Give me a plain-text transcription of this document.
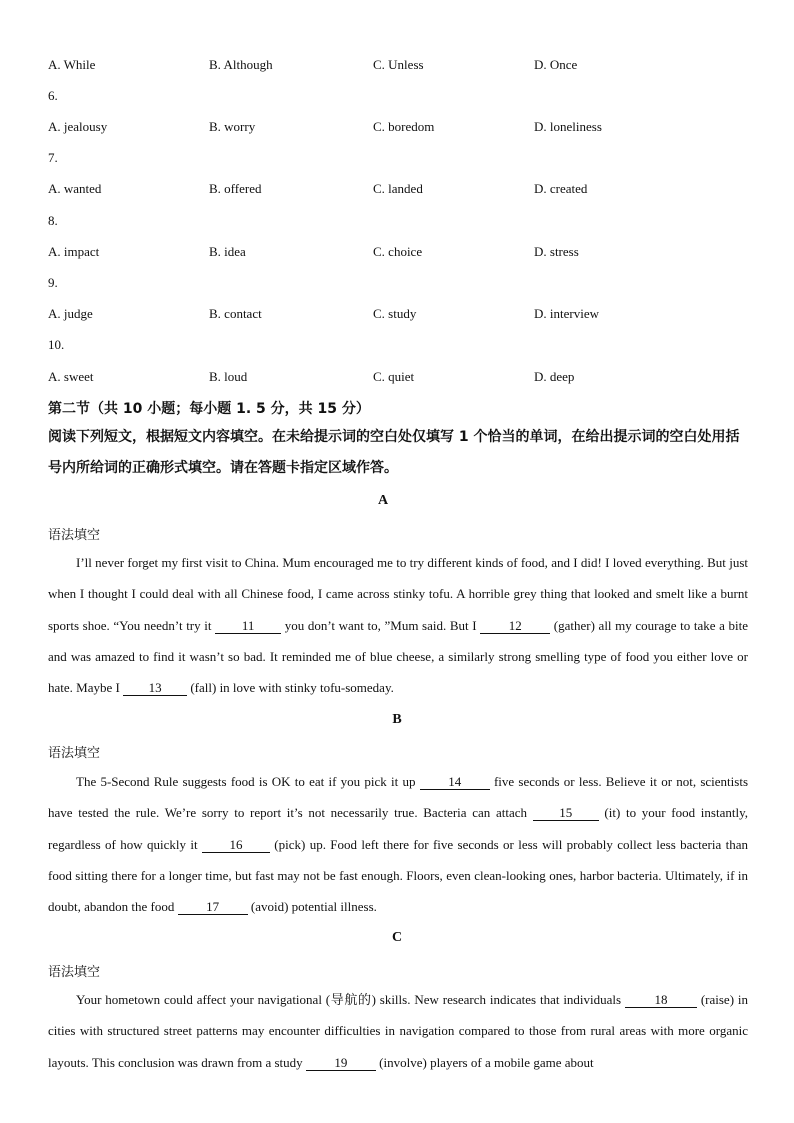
A. While	B. Although	C. Unless	D. Once
6.
A. jealousy	B. worry	C. boredom	D. loneliness
7.
A. wanted	B. offered	C. landed	D. created
8.
A. impact	B. idea	C. choice	D. stress
9.
A. judge	B. contact	C. study	D. interview
10.
A. sweet	B. loud	C. quiet	D. deep
第二节（共 10 小题；每小题 1. 5 分，共 15 分）
阅读下列短文，根据短文内容填空。在未给提示词的空白处仅填写 1 个恰当的单词，在给出提示词的空白处用括号内所给词的正确形式填空。请在答题卡指定区域作答。
A
语法填空
I’ll never forget my first visit to China. Mum encouraged me to try different kinds of food, and I did! I loved everything. But just when I thought I could deal with all Chinese food, I came across stinky tofu. A horrible grey thing that looked and smelt like a burnt sports shoe. “You needn’t try it 11 you don’t want to, ”Mum said. But I 12 (gather) all my courage to take a bite and was amazed to find it wasn’t so bad. It reminded me of blue cheese, a similarly strong smelling type of food you either love or hate. Maybe I 13 (fall) in love with stinky tofu-someday.
B
语法填空
The 5-Second Rule suggests food is OK to eat if you pick it up 14 five seconds or less. Believe it or not, scientists have tested the rule. We’re sorry to report it’s not necessarily true. Bacteria can attach 15 (it) to your food instantly, regardless of how quickly it 16 (pick) up. Food left there for five seconds or less will probably collect less bacteria than food sitting there for a longer time, but fast may not be fast enough. Floors, even clean-looking ones, harbor bacteria. Ultimately, if in doubt, abandon the food 17 (avoid) potential illness.
C
语法填空
Your hometown could affect your navigational (导航的) skills. New research indicates that individuals 18 (raise) in cities with structured street patterns may encounter difficulties in navigation compared to those from rural areas with more organic layouts. This conclusion was drawn from a study 19 (involve) players of a mobile game about
